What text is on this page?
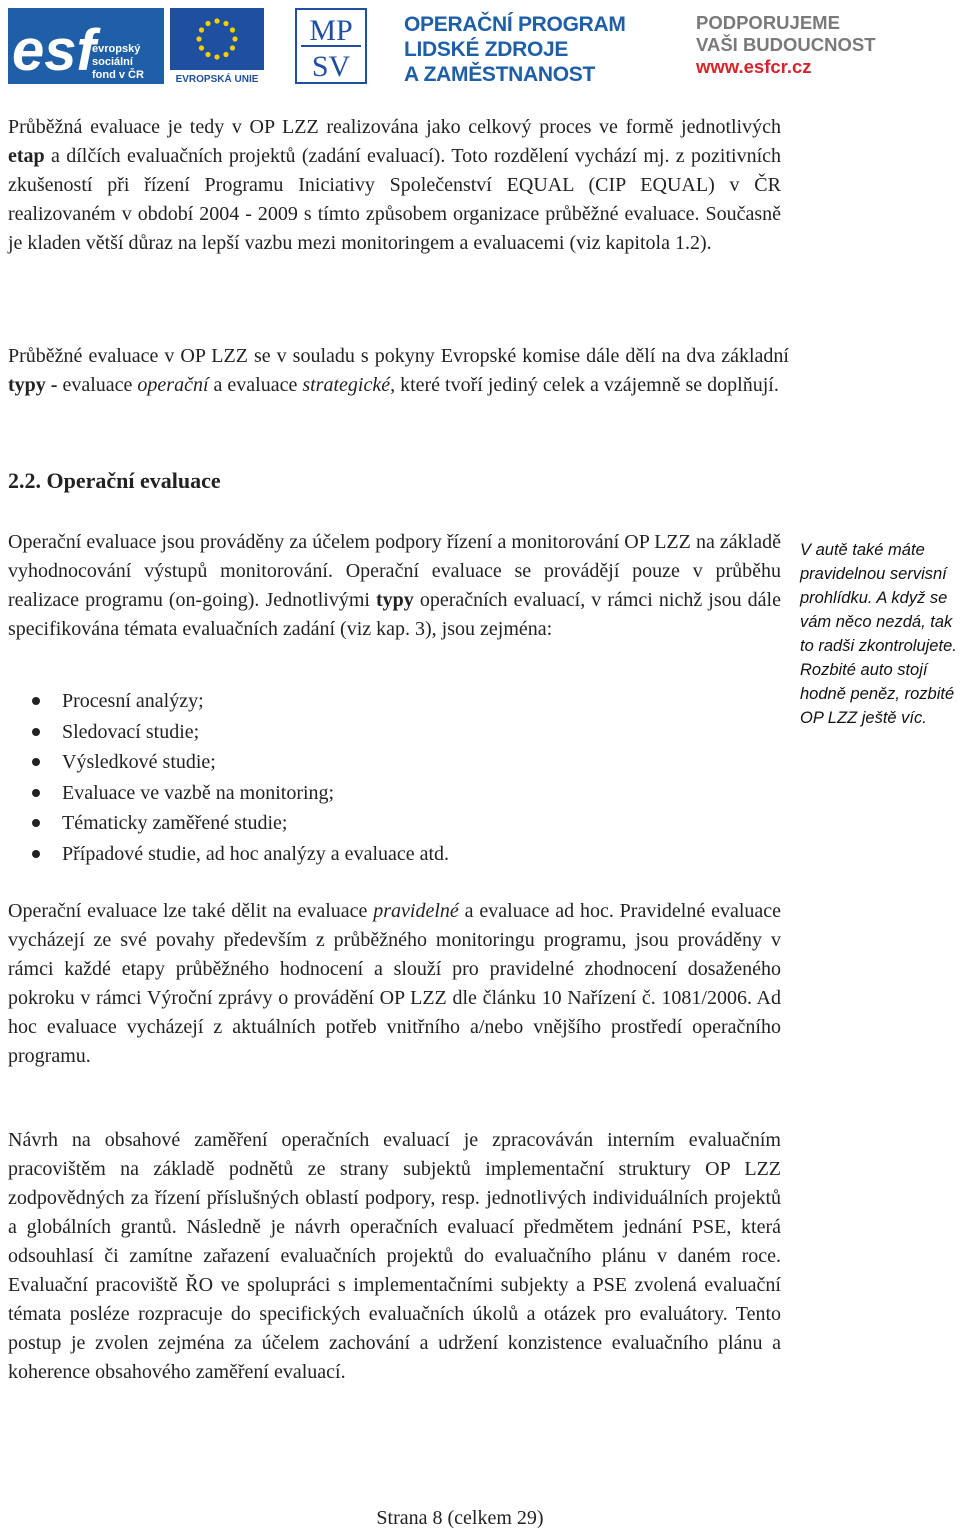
esf
evropský
sociální
fond v ČR	EVROPSKÁ UNIE
MP
SV
OPERAČNÍ PROGRAM
LIDSKÉ ZDROJE
A ZAMĚSTNANOST
PODPORUJEME
VAŠI BUDOUCNOST
www.esfcr.cz

Průběžná evaluace je tedy v OP LZZ realizována jako celkový proces ve formě jednotlivých etap a dílčích evaluačních projektů (zadání evaluací). Toto rozdělení vychází mj. z pozitivních zkušeností při řízení Programu Iniciativy Společenství EQUAL (CIP EQUAL) v ČR realizovaném v období 2004 - 2009 s tímto způsobem organizace průběžné evaluace. Současně je kladen větší důraz na lepší vazbu mezi monitoringem a evaluacemi (viz kapitola 1.2).

Průběžné evaluace v OP LZZ se v souladu s pokyny Evropské komise dále dělí na dva základní typy - evaluace operační a evaluace strategické, které tvoří jediný celek a vzájemně se doplňují.

2.2. Operační evaluace

Operační evaluace jsou prováděny za účelem podpory řízení a monitorování OP LZZ na základě vyhodnocování výstupů monitorování. Operační evaluace se provádějí pouze v průběhu realizace programu (on-going). Jednotlivými typy operačních evaluací, v rámci nichž jsou dále specifikována témata evaluačních zadání (viz kap. 3), jsou zejména:

Procesní analýzy;
Sledovací studie;
Výsledkové studie;
Evaluace ve vazbě na monitoring;
Tématicky zaměřené studie;
Případové studie, ad hoc analýzy a evaluace atd.
V autě také máte pravidelnou servisní prohlídku. A když se vám něco nezdá, tak to radši zkontrolujete. Rozbité auto stojí hodně peněz, rozbité OP LZZ ještě víc.

Operační evaluace lze také dělit na evaluace pravidelné a evaluace ad hoc. Pravidelné evaluace vycházejí ze své povahy především z průběžného monitoringu programu, jsou prováděny v rámci každé etapy průběžného hodnocení a slouží pro pravidelné zhodnocení dosaženého pokroku v rámci Výroční zprávy o provádění OP LZZ dle článku 10 Nařízení č. 1081/2006. Ad hoc evaluace vycházejí z aktuálních potřeb vnitřního a/nebo vnějšího prostředí operačního programu.

Návrh na obsahové zaměření operačních evaluací je zpracováván interním evaluačním pracovištěm na základě podnětů ze strany subjektů implementační struktury OP LZZ zodpovědných za řízení příslušných oblastí podpory, resp. jednotlivých individuálních projektů a globálních grantů. Následně je návrh operačních evaluací předmětem jednání PSE, která odsouhlasí či zamítne zařazení evaluačních projektů do evaluačního plánu v daném roce. Evaluační pracoviště ŘO ve spolupráci s implementačními subjekty a PSE zvolená evaluační témata posléze rozpracuje do specifických evaluačních úkolů a otázek pro evaluátory. Tento postup je zvolen zejména za účelem zachování a udržení konzistence evaluačního plánu a koherence obsahového zaměření evaluací.

Strana 8 (celkem 29)
